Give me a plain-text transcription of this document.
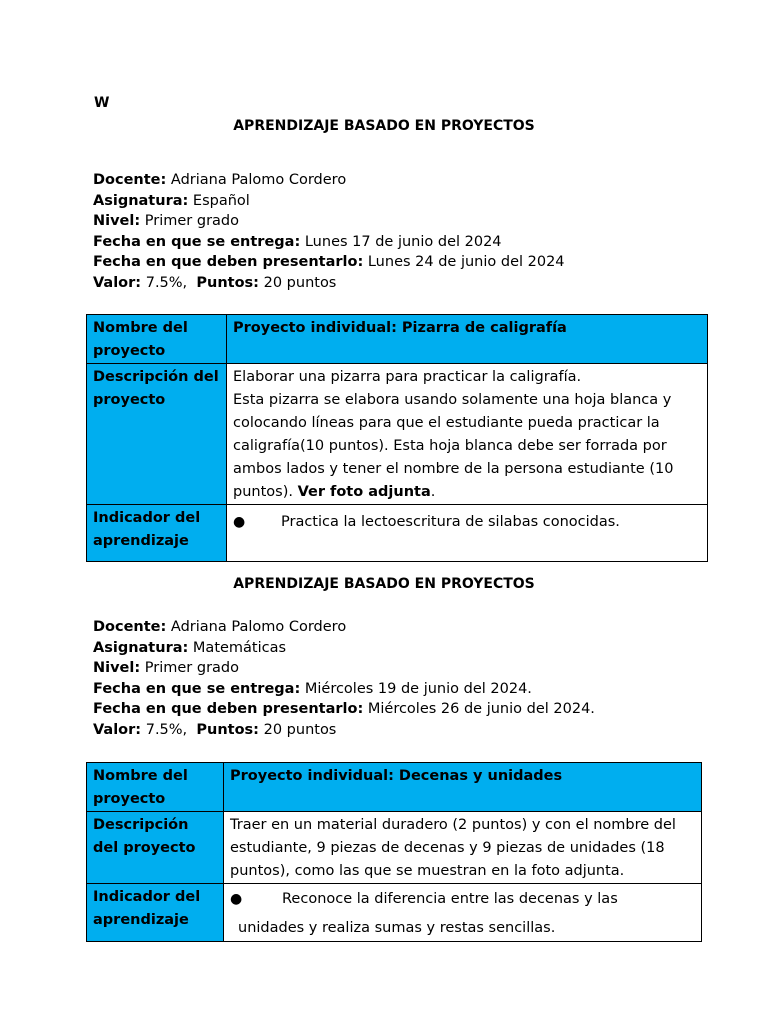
W
APRENDIZAJE BASADO EN PROYECTOS
Docente: Adriana Palomo Cordero
Asignatura: Español
Nivel: Primer grado
Fecha en que se entrega: Lunes 17 de junio del 2024
Fecha en que deben presentarlo: Lunes 24 de junio del 2024
Valor: 7.5%,  Puntos: 20 puntos
Nombre del proyecto	Proyecto individual: Pizarra de caligrafía
Descripción del proyecto	Elaborar una pizarra para practicar la caligrafía.
Esta pizarra se elabora usando solamente una hoja blanca y colocando líneas para que el estudiante pueda practicar la caligrafía(10 puntos). Esta hoja blanca debe ser forrada por ambos lados y tener el nombre de la persona estudiante (10 puntos). Ver foto adjunta.

Indicador del aprendizaje	● Practica la lectoescritura de silabas conocidas.
APRENDIZAJE BASADO EN PROYECTOS
Docente: Adriana Palomo Cordero
Asignatura: Matemáticas
Nivel: Primer grado
Fecha en que se entrega: Miércoles 19 de junio del 2024.
Fecha en que deben presentarlo: Miércoles 26 de junio del 2024.
Valor: 7.5%,  Puntos: 20 puntos
Nombre del proyecto	Proyecto individual: Decenas y unidades
Descripción del proyecto	Traer en un material duradero (2 puntos) y con el nombre del estudiante, 9 piezas de decenas y 9 piezas de unidades (18 puntos), como las que se muestran en la foto adjunta.
Indicador del aprendizaje	● Reconoce la diferencia entre las decenas y las
unidades y realiza sumas y restas sencillas.
